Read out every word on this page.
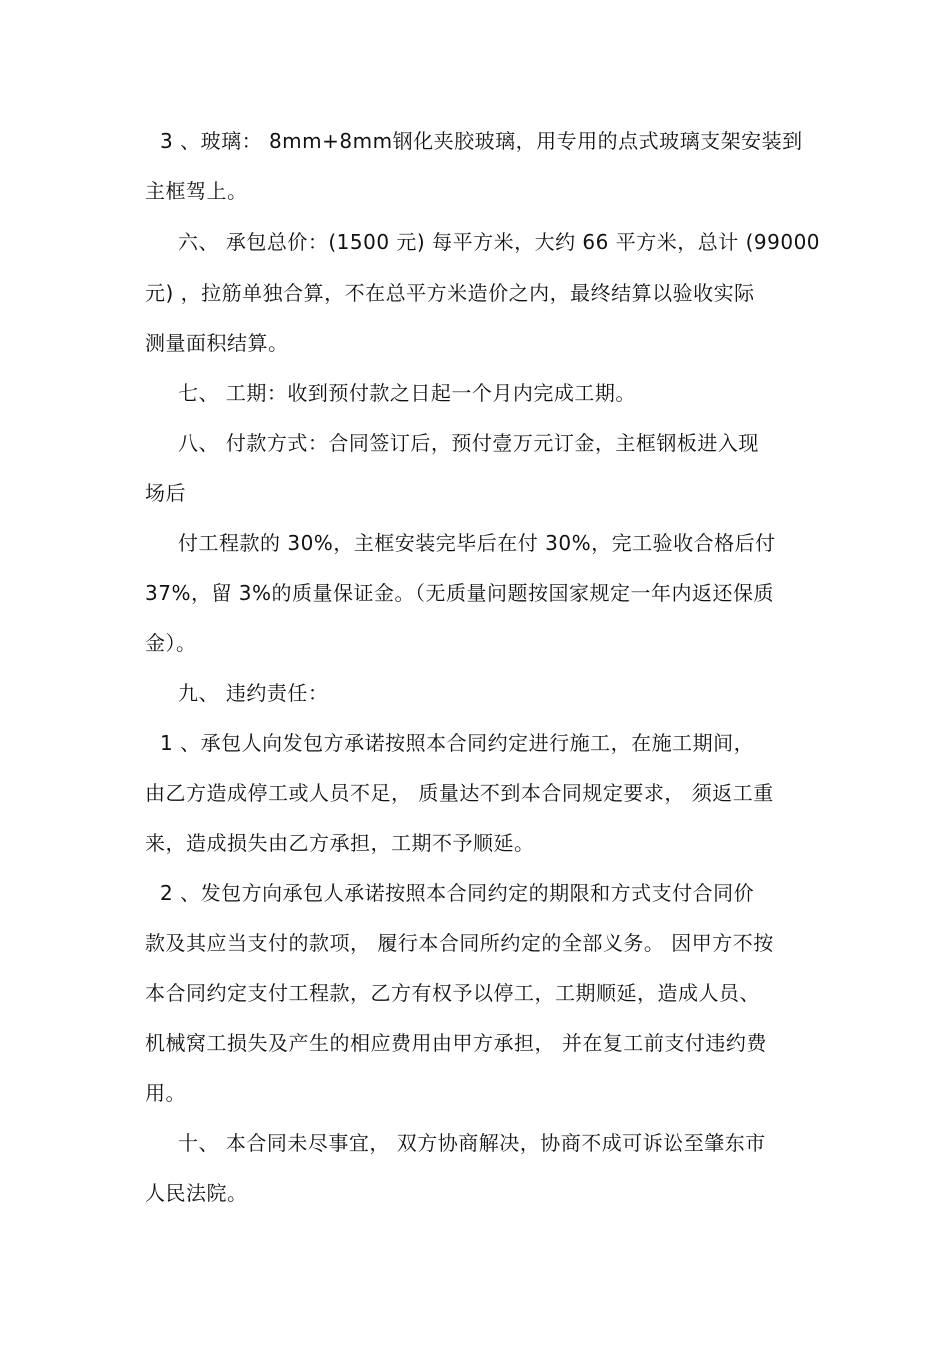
3 、玻璃： 8mm+8mm钢化夹胶玻璃，用专用的点式玻璃支架安装到
主框驾上。
六、 承包总价：(1500 元) 每平方米，大约 66 平方米，总计 (99000
元) ，拉筋单独合算，不在总平方米造价之内，最终结算以验收实际
测量面积结算。
七、 工期：收到预付款之日起一个月内完成工期。
八、 付款方式：合同签订后，预付壹万元订金，主框钢板进入现
场后
付工程款的 30%，主框安装完毕后在付 30%，完工验收合格后付
37%，留 3%的质量保证金。（无质量问题按国家规定一年内返还保质
金）。
九、 违约责任：
1 、承包人向发包方承诺按照本合同约定进行施工，在施工期间，
由乙方造成停工或人员不足， 质量达不到本合同规定要求， 须返工重
来，造成损失由乙方承担，工期不予顺延。
2 、发包方向承包人承诺按照本合同约定的期限和方式支付合同价
款及其应当支付的款项， 履行本合同所约定的全部义务。 因甲方不按
本合同约定支付工程款，乙方有权予以停工，工期顺延，造成人员、
机械窝工损失及产生的相应费用由甲方承担， 并在复工前支付违约费
用。
十、 本合同未尽事宜， 双方协商解决，协商不成可诉讼至肇东市
人民法院。
